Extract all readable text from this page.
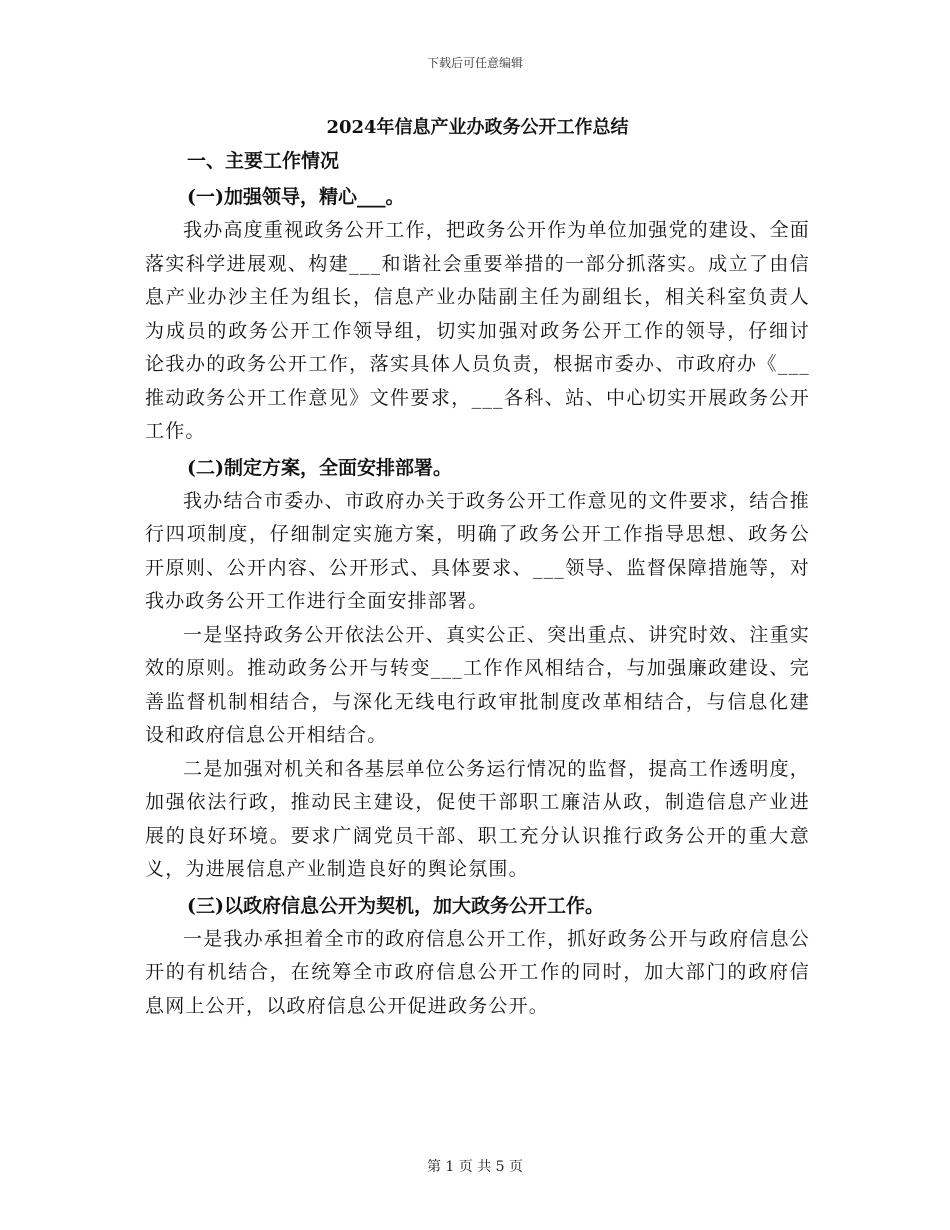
下载后可任意编辑
2024年信息产业办政务公开工作总结
一、主要工作情况
(一)加强领导，精心___。

我办高度重视政务公开工作，把政务公开作为单位加强党的建设、全面落实科学进展观、构建___和谐社会重要举措的一部分抓落实。成立了由信息产业办沙主任为组长，信息产业办陆副主任为副组长，相关科室负责人为成员的政务公开工作领导组，切实加强对政务公开工作的领导，仔细讨论我办的政务公开工作，落实具体人员负责，根据市委办、市政府办《___推动政务公开工作意见》文件要求，___各科、站、中心切实开展政务公开工作。

(二)制定方案，全面安排部署。

我办结合市委办、市政府办关于政务公开工作意见的文件要求，结合推行四项制度，仔细制定实施方案，明确了政务公开工作指导思想、政务公开原则、公开内容、公开形式、具体要求、___领导、监督保障措施等，对我办政务公开工作进行全面安排部署。

一是坚持政务公开依法公开、真实公正、突出重点、讲究时效、注重实效的原则。推动政务公开与转变___工作作风相结合，与加强廉政建设、完善监督机制相结合，与深化无线电行政审批制度改革相结合，与信息化建设和政府信息公开相结合。

二是加强对机关和各基层单位公务运行情况的监督，提高工作透明度，加强依法行政，推动民主建设，促使干部职工廉洁从政，制造信息产业进展的良好环境。要求广阔党员干部、职工充分认识推行政务公开的重大意义，为进展信息产业制造良好的舆论氛围。

(三)以政府信息公开为契机，加大政务公开工作。

一是我办承担着全市的政府信息公开工作，抓好政务公开与政府信息公开的有机结合，在统筹全市政府信息公开工作的同时，加大部门的政府信息网上公开，以政府信息公开促进政务公开。

第 1 页 共 5 页
